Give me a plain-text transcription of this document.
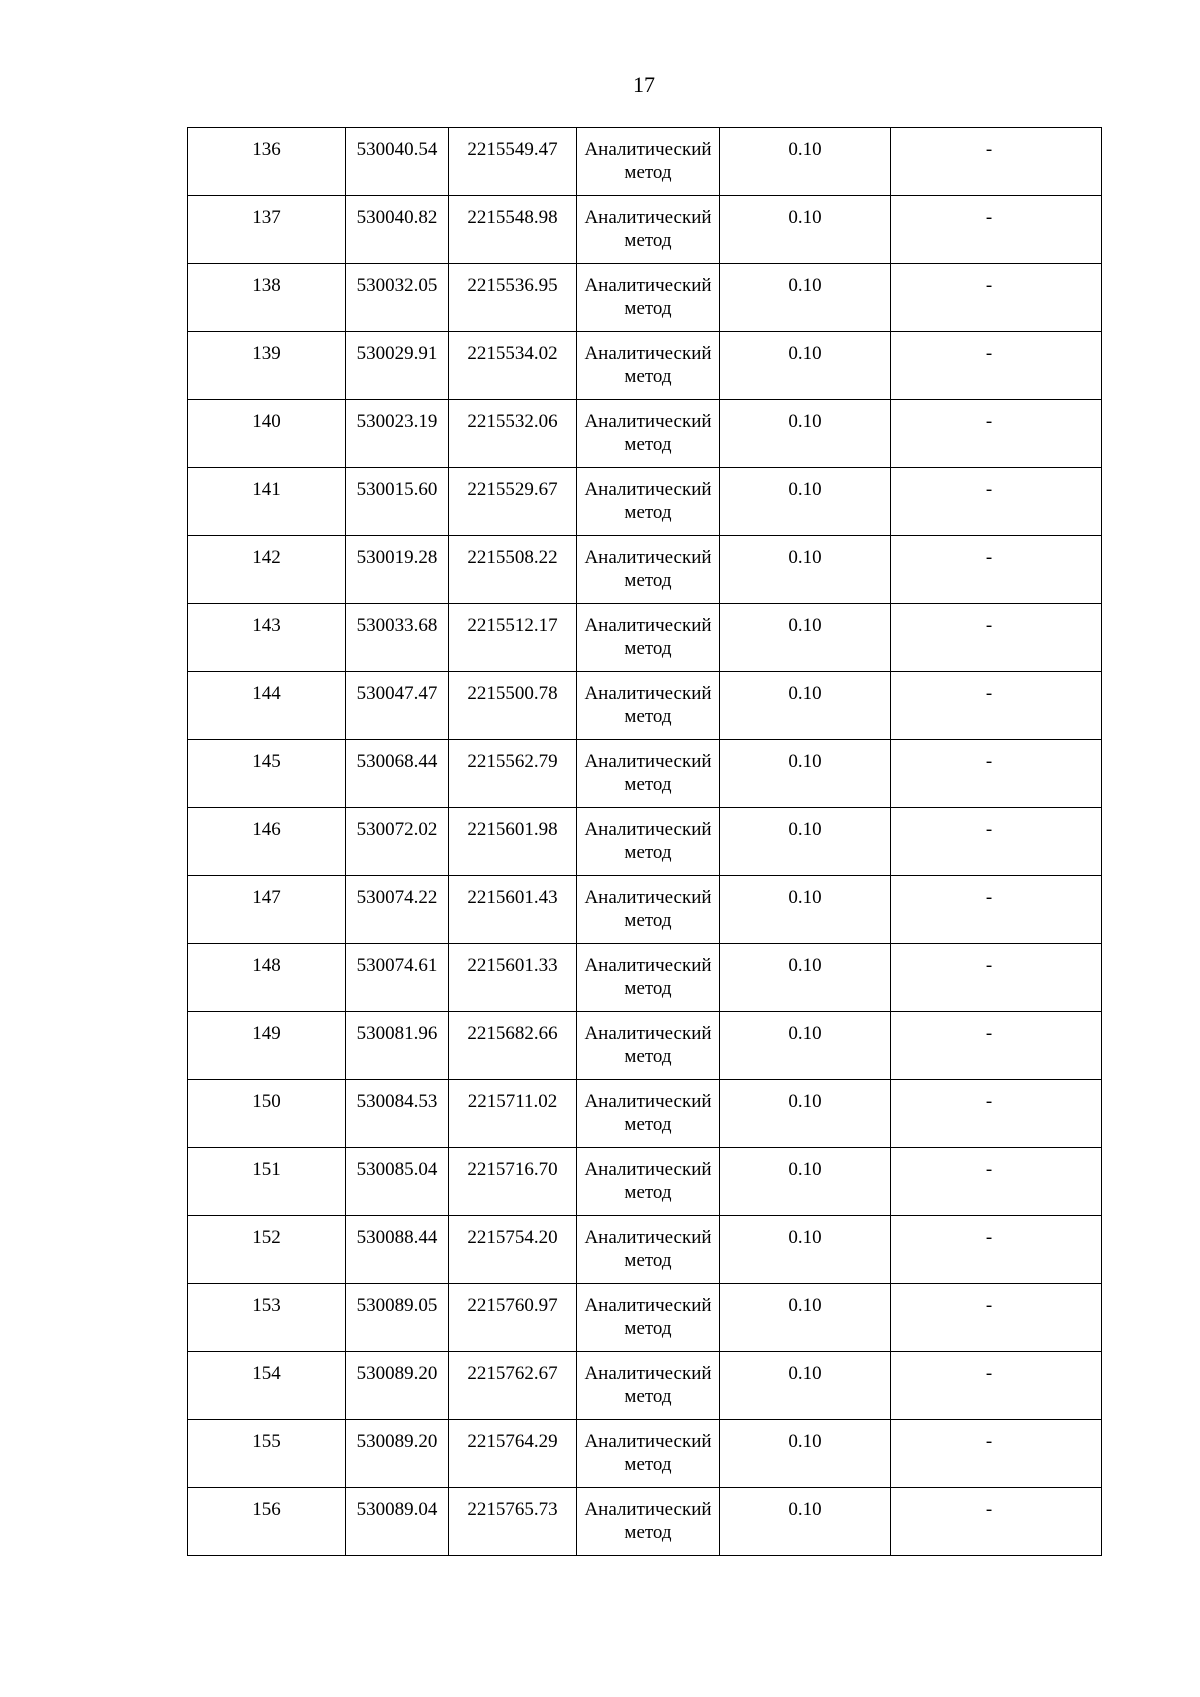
17
136	530040.54	2215549.47	Аналитический
метод	0.10	-
137	530040.82	2215548.98	Аналитический
метод	0.10	-
138	530032.05	2215536.95	Аналитический
метод	0.10	-
139	530029.91	2215534.02	Аналитический
метод	0.10	-
140	530023.19	2215532.06	Аналитический
метод	0.10	-
141	530015.60	2215529.67	Аналитический
метод	0.10	-
142	530019.28	2215508.22	Аналитический
метод	0.10	-
143	530033.68	2215512.17	Аналитический
метод	0.10	-
144	530047.47	2215500.78	Аналитический
метод	0.10	-
145	530068.44	2215562.79	Аналитический
метод	0.10	-
146	530072.02	2215601.98	Аналитический
метод	0.10	-
147	530074.22	2215601.43	Аналитический
метод	0.10	-
148	530074.61	2215601.33	Аналитический
метод	0.10	-
149	530081.96	2215682.66	Аналитический
метод	0.10	-
150	530084.53	2215711.02	Аналитический
метод	0.10	-
151	530085.04	2215716.70	Аналитический
метод	0.10	-
152	530088.44	2215754.20	Аналитический
метод	0.10	-
153	530089.05	2215760.97	Аналитический
метод	0.10	-
154	530089.20	2215762.67	Аналитический
метод	0.10	-
155	530089.20	2215764.29	Аналитический
метод	0.10	-
156	530089.04	2215765.73	Аналитический
метод	0.10	-
